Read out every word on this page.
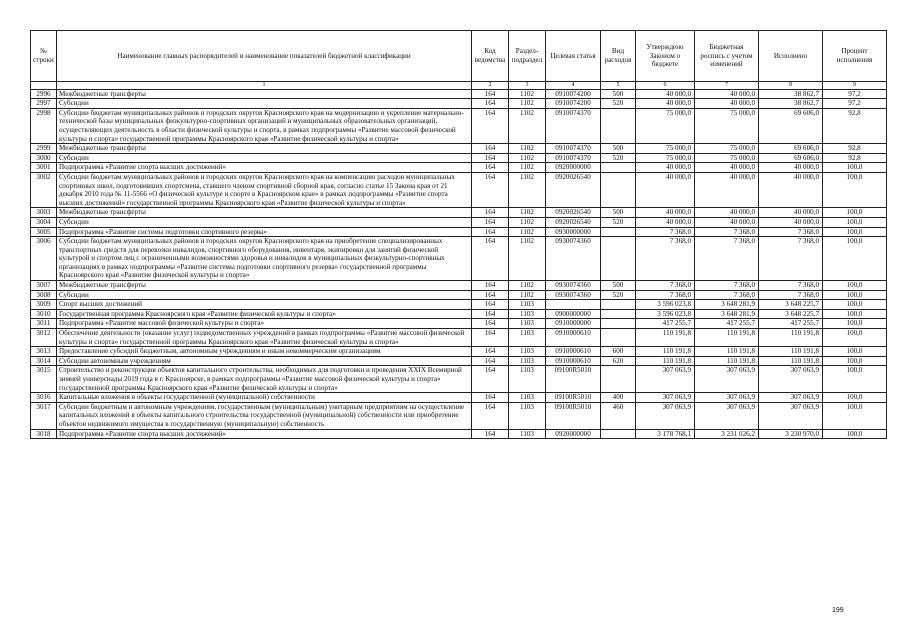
№ строки	Наименование главных распорядителей и наименование показателей бюджетной классификации	Код ведомства	Раздел-подраздел	Целевая статья	Вид расходов	Утверждено Законом о бюджете	Бюджетная роспись с учетом изменений	Исполнено	Процент исполнения
	1	2	3	4	5	6	7	8	9
2996	Межбюджетные трансферты	164	1102	0910074200	500	40 000,0	40 000,0	38 862,7	97,2
2997	Субсидии	164	1102	0910074200	520	40 000,0	40 000,0	38 862,7	97,2
2998	Субсидии бюджетам муниципальных районов и городских округов Красноярского края на модернизацию и укрепление материально-технической базы муниципальных физкультурно-спортивных организаций и муниципальных образовательных организаций, осуществляющих деятельность в области физической культуры и спорта, в рамках подпрограммы «Развитие массовой физической культуры и спорта» государственной программы Красноярского края «Развитие физической культуры и спорта»	164	1102	0910074370		75 000,0	75 000,0	69 606,0	92,8
2999	Межбюджетные трансферты	164	1102	0910074370	500	75 000,0	75 000,0	69 606,0	92,8
3000	Субсидии	164	1102	0910074370	520	75 000,0	75 000,0	69 606,0	92,8
3001	Подпрограмма «Развитие спорта высших достижений»	164	1102	0920000000		40 000,0	40 000,0	40 000,0	100,0
3002	Субсидии бюджетам муниципальных районов и городских округов Красноярского края на компенсацию расходов муниципальных спортивных школ, подготовивших спортсмена, ставшего членом спортивной сборной края, согласно статье 15 Закона края от 21 декабря 2010 года № 11-5566 «О физической культуре и спорте в Красноярском крае» в рамках подпрограммы «Развитие спорта высших достижений» государственной программы Красноярского края «Развитие физической культуры и спорта»	164	1102	0920026540		40 000,0	40 000,0	40 000,0	100,0
3003	Межбюджетные трансферты	164	1102	0920026540	500	40 000,0	40 000,0	40 000,0	100,0
3004	Субсидии	164	1102	0920026540	520	40 000,0	40 000,0	40 000,0	100,0
3005	Подпрограмма «Развитие системы подготовки спортивного резерва»	164	1102	0930000000		7 368,0	7 368,0	7 368,0	100,0
3006	Субсидии бюджетам муниципальных районов и городских округов Красноярского края на приобретение специализированных транспортных средств для перевозки инвалидов, спортивного оборудования, инвентаря, экипировки для занятий физической культурой и спортом лиц с ограниченными возможностями здоровья и инвалидов в муниципальных физкультурно-спортивных организациях в рамках подпрограммы «Развитие системы подготовки спортивного резерва» государственной программы Красноярского края «Развитие физической культуры и спорта»	164	1102	0930074360		7 368,0	7 368,0	7 368,0	100,0
3007	Межбюджетные трансферты	164	1102	0930074360	500	7 368,0	7 368,0	7 368,0	100,0
3008	Субсидии	164	1102	0930074360	520	7 368,0	7 368,0	7 368,0	100,0
3009	Спорт высших достижений	164	1103			3 596 023,8	3 648 281,9	3 648 225,7	100,0
3010	Государственная программа Красноярского края «Развитие физической культуры и спорта»	164	1103	0900000000		3 596 023,8	3 648 281,9	3 648 225,7	100,0
3011	Подпрограмма «Развитие массовой физической культуры и спорта»	164	1103	0910000000		417 255,7	417 255,7	417 255,7	100,0
3012	Обеспечение деятельности (оказание услуг) подведомственных учреждений в рамках подпрограммы «Развитие массовой физической культуры и спорта» государственной программы Красноярского края «Развитие физической культуры и спорта»	164	1103	0910000610		110 191,8	110 191,8	110 191,8	100,0
3013	Предоставление субсидий бюджетным, автономным учреждениям и иным некоммерческим организациям	164	1103	0910000610	600	110 191,8	110 191,8	110 191,8	100,0
3014	Субсидии автономным учреждениям	164	1103	0910000610	620	110 191,8	110 191,8	110 191,8	100,0
3015	Строительство и реконструкция объектов капитального строительства, необходимых для подготовки и проведения XXIX Всемирной зимней универсиады 2019 года в г. Красноярске, в рамках подпрограммы «Развитие массовой физической культуры и спорта» государственной программы Красноярского края «Развитие физической культуры и спорта»	164	1103	09100R5010		307 063,9	307 063,9	307 063,9	100,0
3016	Капитальные вложения в объекты государственной (муниципальной) собственности	164	1103	09100R5010	400	307 063,9	307 063,9	307 063,9	100,0
3017	Субсидии бюджетным и автономным учреждениям, государственным (муниципальным) унитарным предприятиям на осуществление капитальных вложений в объекты капитального строительства государственной (муниципальной) собственности или приобретение объектов недвижимого имущества в государственную (муниципальную) собственность	164	1103	09100R5010	460	307 063,9	307 063,9	307 063,9	100,0
3018	Подпрограмма «Развитие спорта высших достижений»	164	1103	0920000000		3 178 768,1	3 231 026,2	3 230 970,0	100,0
199
